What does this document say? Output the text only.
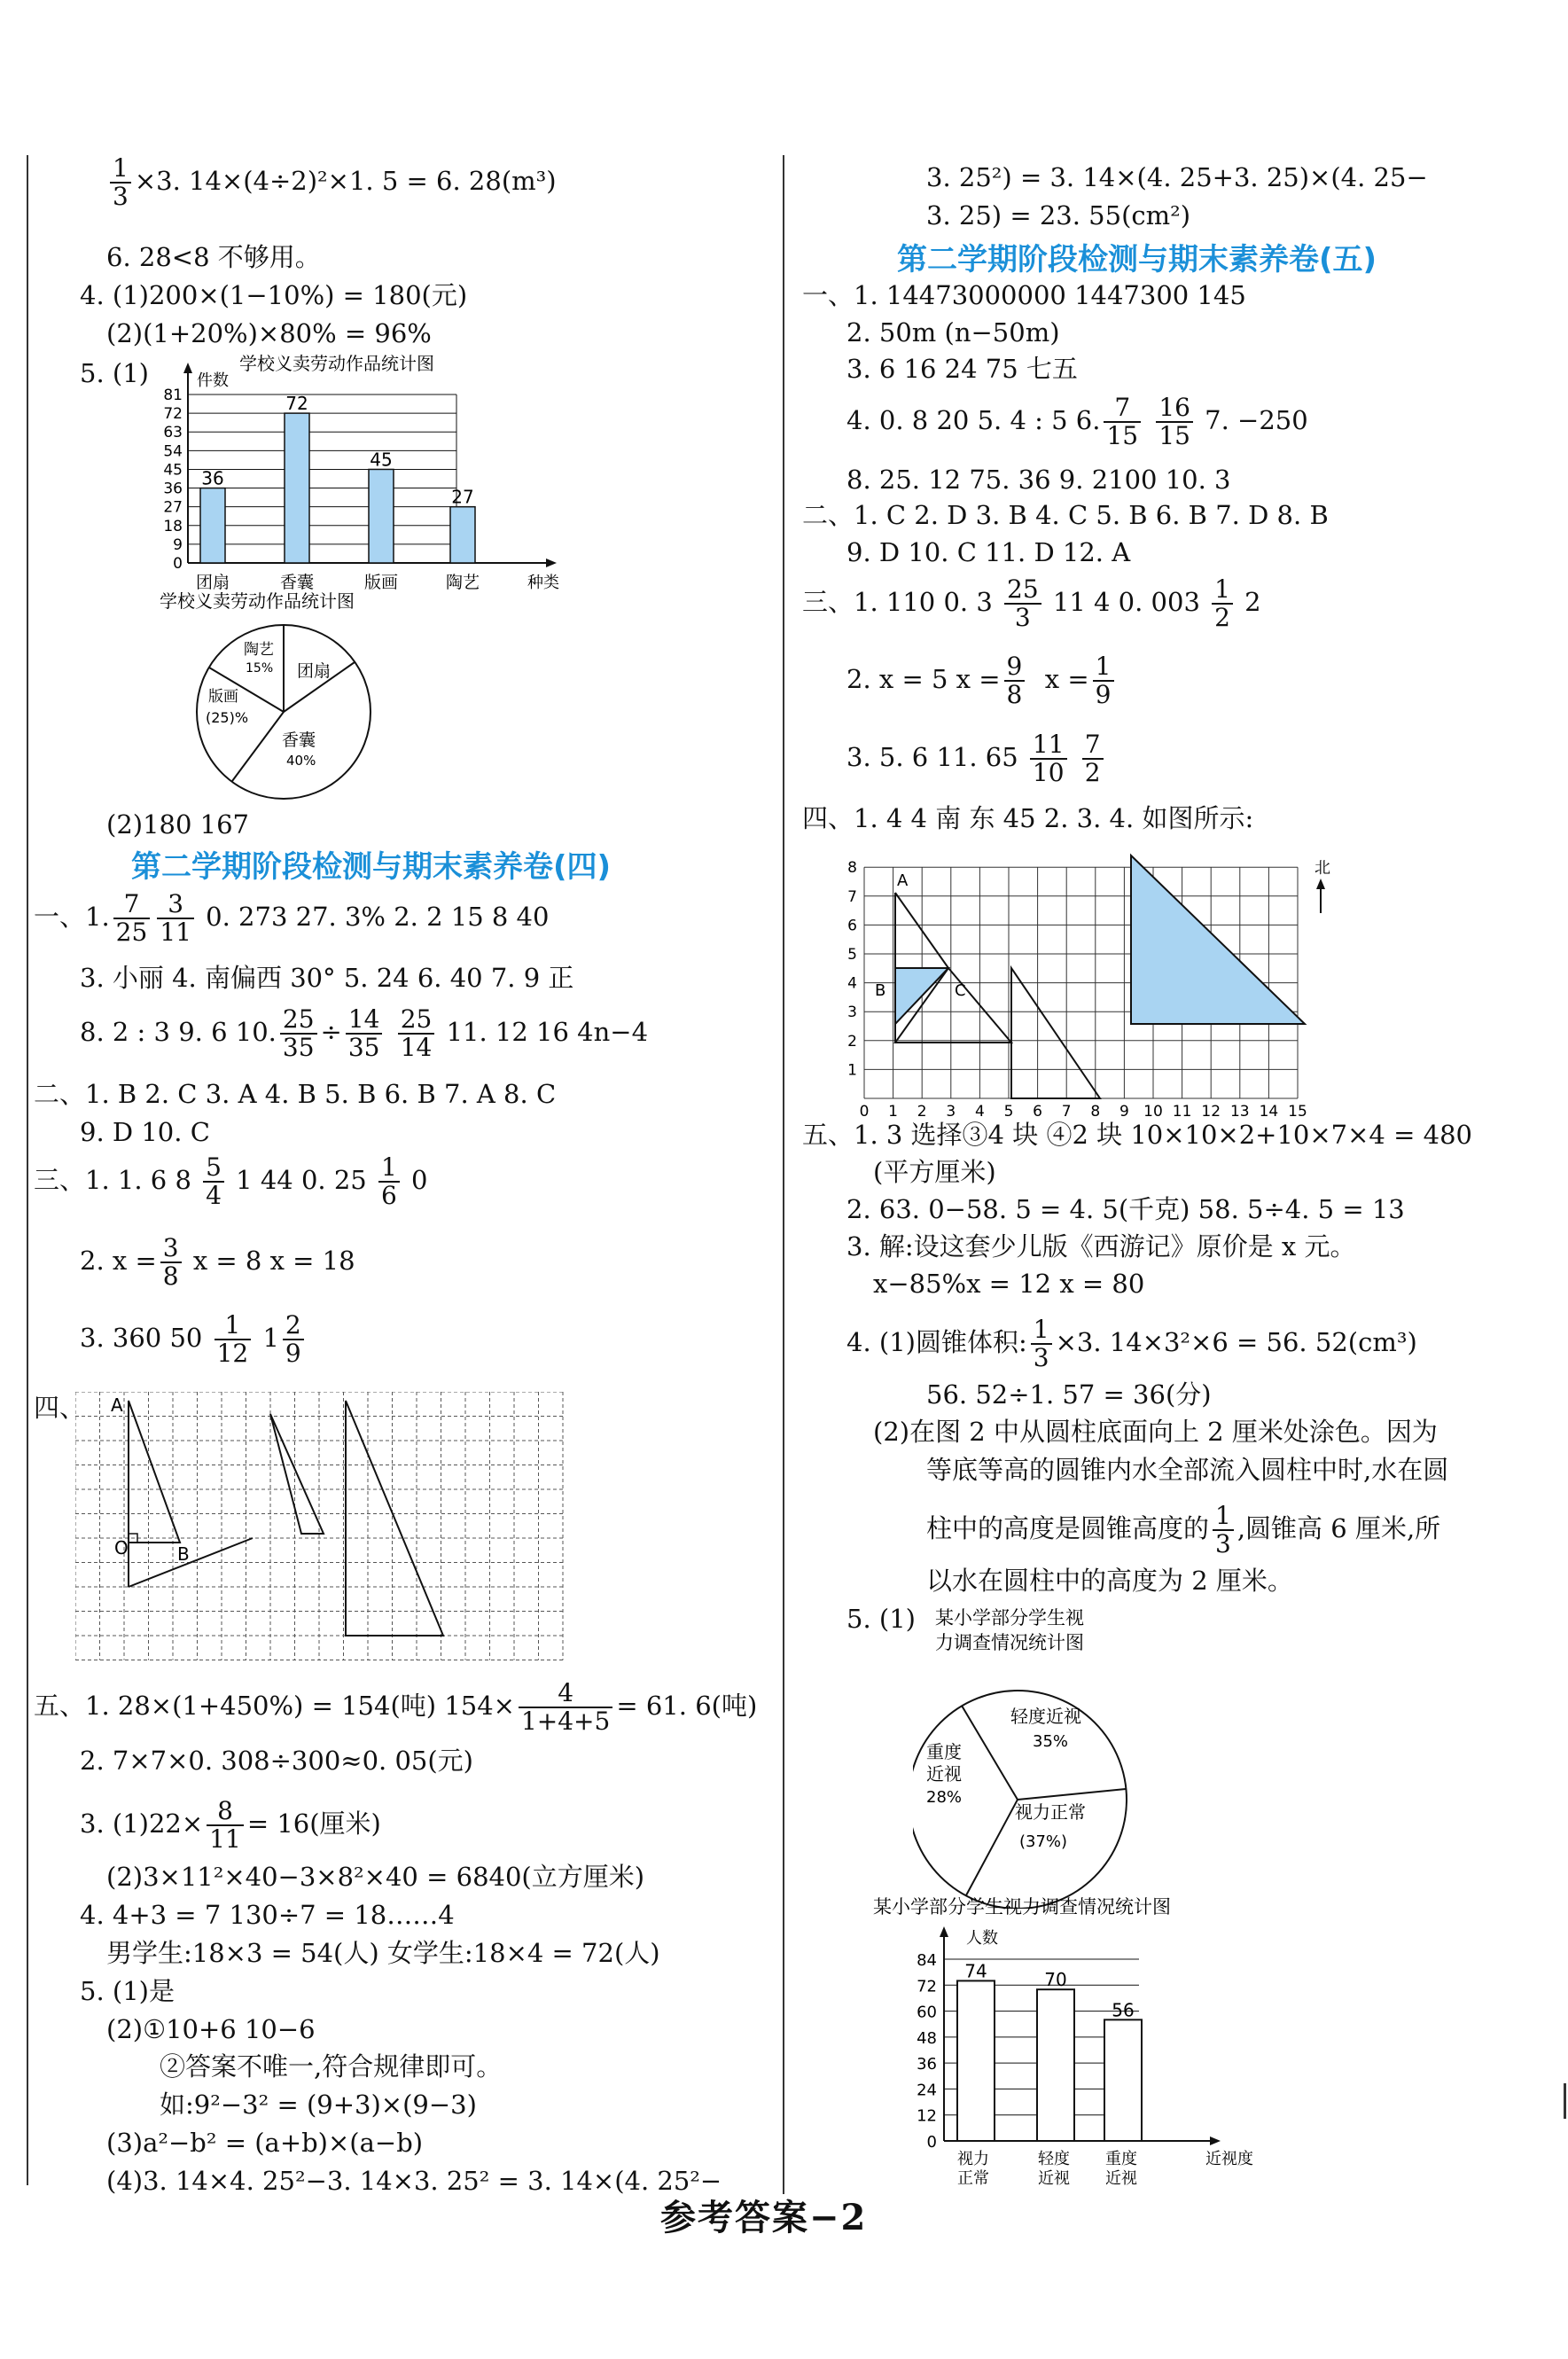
$\frac{1}{3} \times 3$. 14×(4÷2)²×1. 5 = 6. 28(m³)
6. 28<8 不够用。
4. (1)200×(1−10%) = 180(元)
(2)(1+20%)×80% = 96%
5. (1)	学校义卖劳动作品统计图
件数
0
9
18
27
36
45
54
63
72
81
36
团扇
72
香囊
45
版画
27
陶艺	种类
学校义卖劳动作品统计图
陶艺
15% 团扇
版画
(25)%
香囊
40%
(2)180 167
第二学期阶段检测与期末素养卷(四)
一、1. $\frac{7}{25} \frac{3}{11} 0$. 273 27. 3% 2. 2 15 8 40
3. 小丽 4. 南偏西 30° 5. 24 6. 40 7. 9 正
8. 2 : 3 9. 6 10. $\frac{25}{35} \div \frac{14}{35}$
$\frac{25}{14} 11$. 12 16 4n−4
二、1. B 2. C 3. A 4. B 5. B 6. B 7. A 8. C
9. D 10. C
三、1. 1. 6 $8 \frac{5}{4} 1$ 44 0. $25 \frac{1}{6} 0$
2. $x = \frac{3}{8}$ x = 8 x = 18
3. 360 $50 \frac{1}{12} 1 \frac{2}{9}$
四、 A
O	B
五、1. 28×(1+450%) = 154(吨) $154\times \frac{4}{1+4+5} = 61$. 6(吨)
2. 7×7×0. 308÷300≈0. 05(元)
3. $(1)22\times \frac{8}{11} = 16$(厘米)
(2)3×11²×40−3×8²×40 = 6840(立方厘米)
4. 4+3 = 7 130÷7 = 18……4
男学生:18×3 = 54(人) 女学生:18×4 = 72(人)
5. (1)是
(2)①10+6 10−6
②答案不唯一,符合规律即可。
如:9²−3² = (9+3)×(9−3)
(3)a²−b² = (a+b)×(a−b)
(4)3. 14×4. 25²−3. 14×3. 25² = 3. 14×(4. 25²−
3. 25²) = 3. 14×(4. 25+3. 25)×(4. 25−
3. 25) = 23. 55(cm²)
第二学期阶段检测与期末素养卷(五)
一、1. 14473000000 1447300 145
2. 50m (n−50m)
3. 6 16 24 75 七五
4. 0. 8 20 5. 4 : 5 6. $\frac{7}{15}$
$\frac{16}{15} 7$. −250
8. 25. 12 75. 36 9. 2100 10. 3
二、1. C 2. D 3. B 4. C 5. B 6. B 7. D 8. B
9. D 10. C 11. D 12. A
三、1. 110 0. $3 \frac{25}{3} 11$ 4 0. $003 \frac{1}{2} 2$
2. x = 5 $x = \frac{9}{8}$ $x = \frac{1}{9}$
3. 5. 6 11. $65 \frac{11}{10}$
$\frac{7}{2}$
四、1. 4 4 南 东 45 2. 3. 4. 如图所示:
0 1 2 3 4 5 6 7 8 9 10 11 12 13 14 15
1
2
3
4
5
6
7
8
A
B	C
北
五、1. 3 选择③4 块 ④2 块 10×10×2+10×7×4 = 480
(平方厘米)
2. 63. 0−58. 5 = 4. 5(千克) 58. 5÷4. 5 = 13
3. 解:设这套少儿版《西游记》原价是 x 元。
x−85%x = 12 x = 80
4. (1)圆锥体积: $\frac{1}{3} \times 3$. 14×3²×6 = 56. 52(cm³)
56. 52÷1. 57 = 36(分)
(2)在图 2 中从圆柱底面向上 2 厘米处涂色。因为
等底等高的圆锥内水全部流入圆柱中时,水在圆
柱中的高度是圆锥高度的 $\frac{1}{3}$ ,圆锥高 6 厘米,所
以水在圆柱中的高度为 2 厘米。
5. (1) 某小学部分学生视
力调查情况统计图
轻度近视
35%
重度
近视
28%
视力正常
(37%)
某小学部分学生视力调查情况统计图
人数
0
12
24
36
48
60
72
84 74	70
56
视力
正常
轻度
近视
重度
近视
近视度
参考答案−2
